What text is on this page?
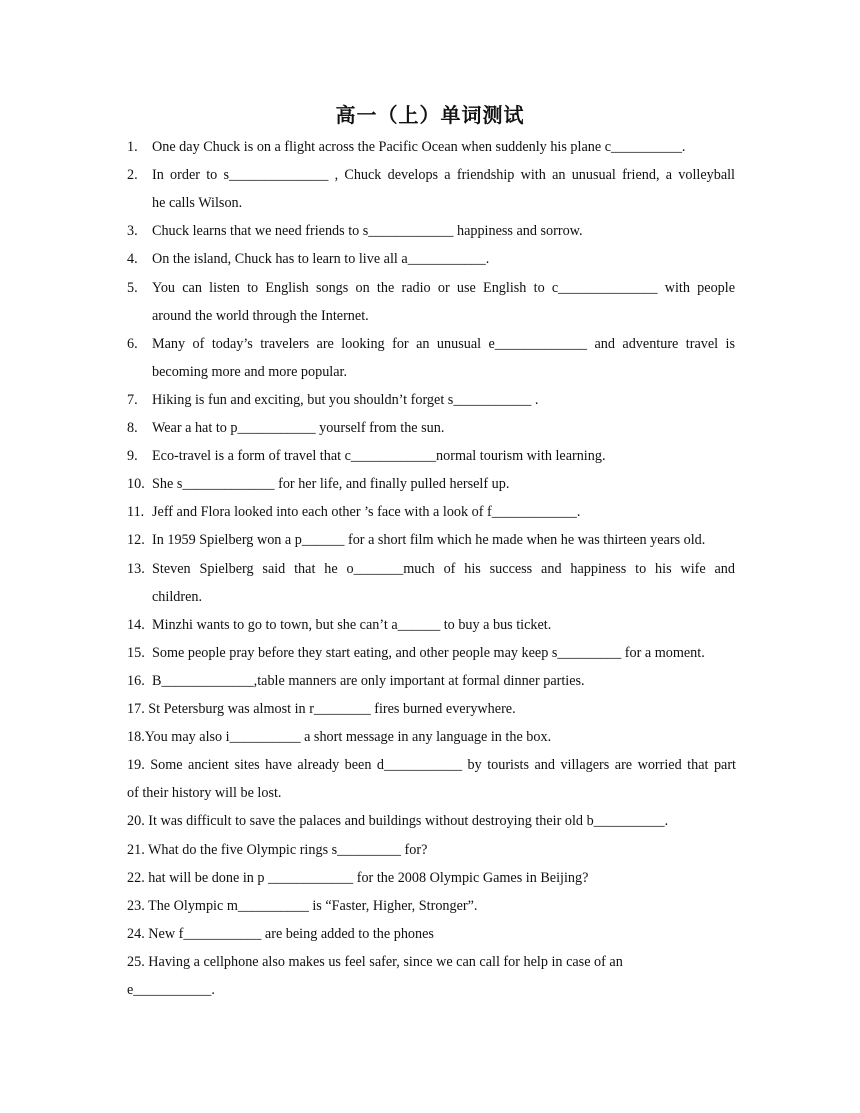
高一（上）单词测试
1. One day Chuck is on a flight across the Pacific Ocean when suddenly his plane c__________.
2. In order to s______________ , Chuck develops a friendship with an unusual friend, a volleyball
he calls Wilson.
3. Chuck learns that we need friends to s____________ happiness and sorrow.
4. On the island, Chuck has to learn to live all a___________.
5. You can listen to English songs on the radio or use English to c______________ with people
around the world through the Internet.
6. Many of today’s travelers are looking for an unusual e_____________ and adventure travel is
becoming more and more popular.
7. Hiking is fun and exciting, but you shouldn’t forget s___________ .
8. Wear a hat to p___________ yourself from the sun.
9. Eco-travel is a form of travel that c____________normal tourism with learning.
10. She s_____________ for her life, and finally pulled herself up.
11. Jeff and Flora looked into each other ’s face with a look of f____________.
12. In 1959 Spielberg won a p______ for a short film which he made when he was thirteen years old.
13. Steven Spielberg said that he o_______much of his success and happiness to his wife and
children.
14. Minzhi wants to go to town, but she can’t a______ to buy a bus ticket.
15. Some people pray before they start eating, and other people may keep s_________ for a moment.
16. B_____________,table manners are only important at formal dinner parties.
17. St Petersburg was almost in r________ fires burned everywhere.
18.You may also i__________ a short message in any language in the box.
19. Some ancient sites have already been d___________ by tourists and villagers are worried that part
of their history will be lost.
20. It was difficult to save the palaces and buildings without destroying their old b__________.
21. What do the five Olympic rings s_________ for?
22. hat will be done in p ____________ for the 2008 Olympic Games in Beijing?
23. The Olympic m__________ is “Faster, Higher, Stronger”.
24. New f___________ are being added to the phones
25. Having a cellphone also makes us feel safer, since we can call for help in case of an
e___________.
